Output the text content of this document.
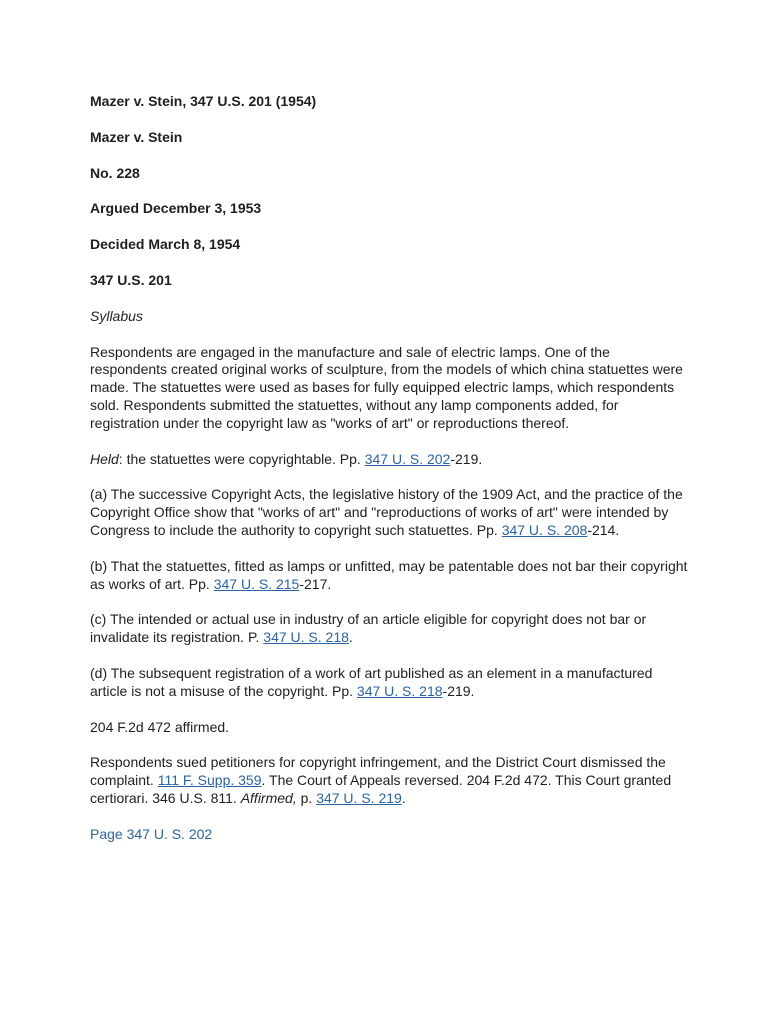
Mazer v. Stein, 347 U.S. 201 (1954)

Mazer v. Stein

No. 228

Argued December 3, 1953

Decided March 8, 1954

347 U.S. 201

Syllabus

Respondents are engaged in the manufacture and sale of electric lamps. One of the respondents created original works of sculpture, from the models of which china statuettes were made. The statuettes were used as bases for fully equipped electric lamps, which respondents sold. Respondents submitted the statuettes, without any lamp components added, for registration under the copyright law as "works of art" or reproductions thereof.

Held: the statuettes were copyrightable. Pp. 347 U. S. 202-219.

(a) The successive Copyright Acts, the legislative history of the 1909 Act, and the practice of the Copyright Office show that "works of art" and "reproductions of works of art" were intended by Congress to include the authority to copyright such statuettes. Pp. 347 U. S. 208-214.

(b) That the statuettes, fitted as lamps or unfitted, may be patentable does not bar their copyright as works of art. Pp. 347 U. S. 215-217.

(c) The intended or actual use in industry of an article eligible for copyright does not bar or invalidate its registration. P. 347 U. S. 218.

(d) The subsequent registration of a work of art published as an element in a manufactured article is not a misuse of the copyright. Pp. 347 U. S. 218-219.

204 F.2d 472 affirmed.

Respondents sued petitioners for copyright infringement, and the District Court dismissed the complaint. 111 F. Supp. 359. The Court of Appeals reversed. 204 F.2d 472. This Court granted certiorari. 346 U.S. 811. Affirmed, p. 347 U. S. 219.

Page 347 U. S. 202
